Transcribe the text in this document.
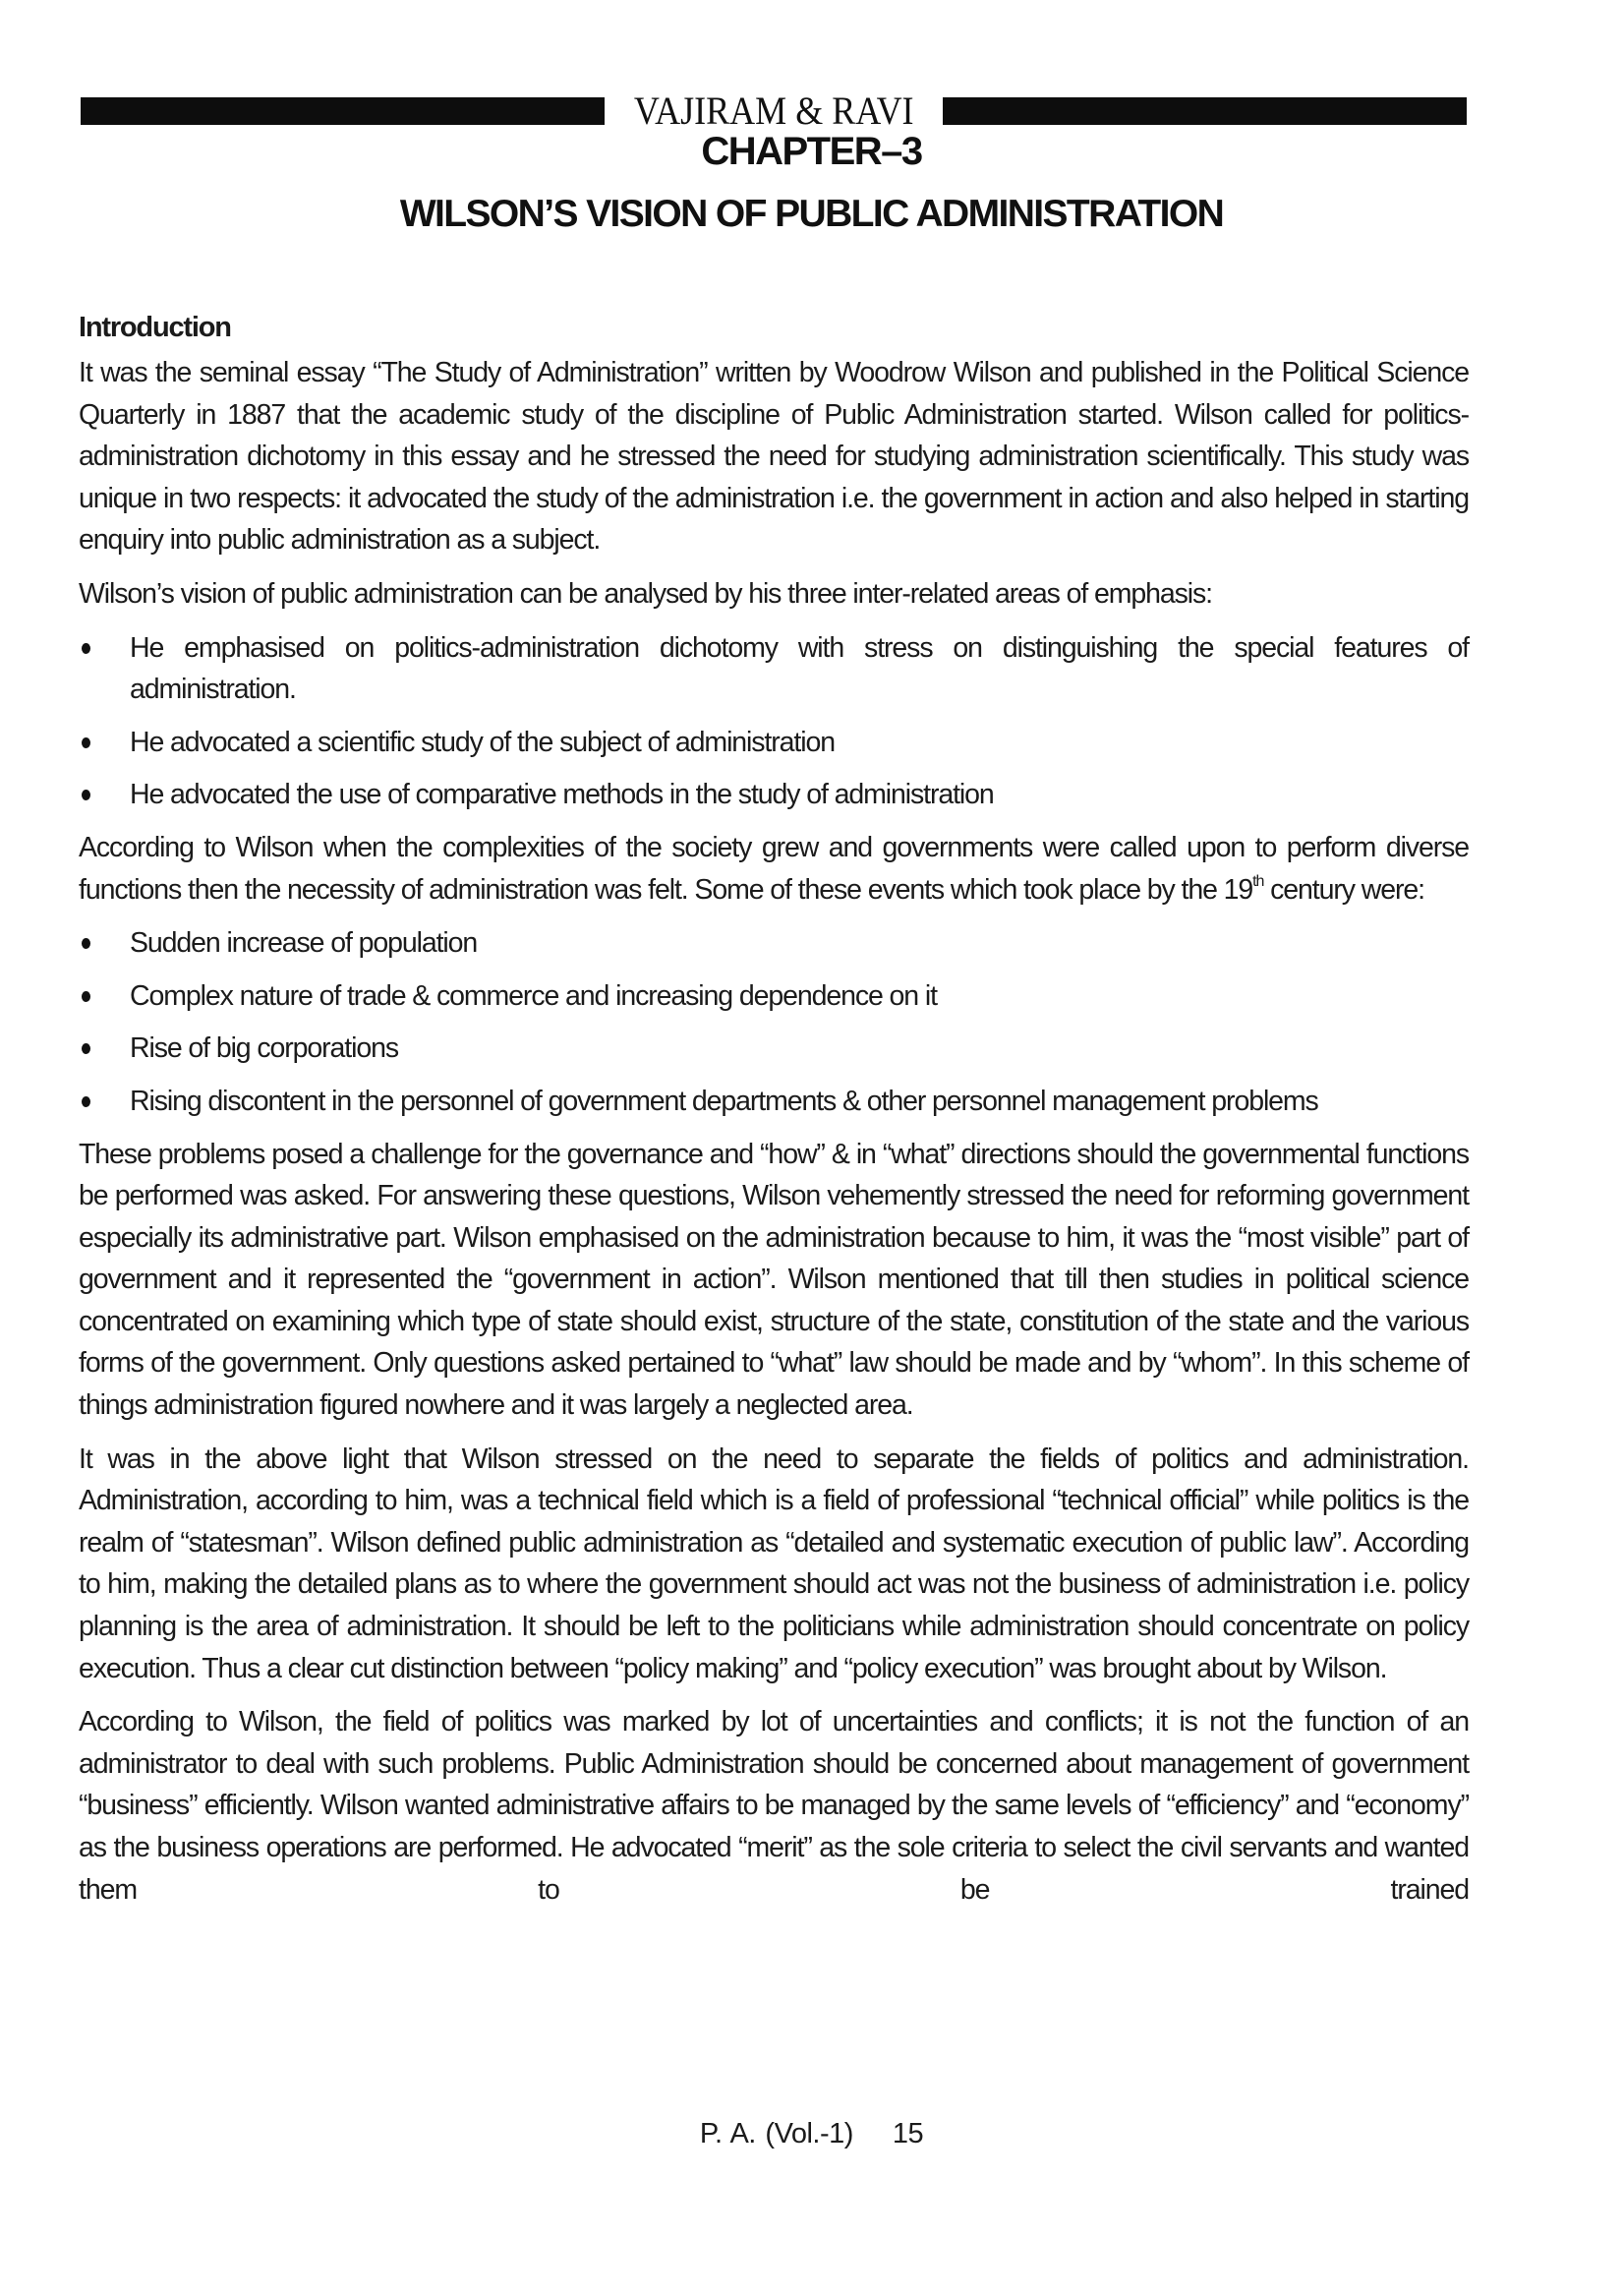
VAJIRAM & RAVI
CHAPTER–3
WILSON’S VISION OF PUBLIC ADMINISTRATION
Introduction

It was the seminal essay “The Study of Administration” written by Woodrow Wilson and published in the Political Science Quarterly in 1887 that the academic study of the discipline of Public Administration started. Wilson called for politics-administration dichotomy in this essay and he stressed the need for studying administration scientifically. This study was unique in two respects: it advocated the study of the administration i.e. the government in action and also helped in starting enquiry into public administration as a subject.

Wilson’s vision of public administration can be analysed by his three inter-related areas of emphasis:

He emphasised on politics-administration dichotomy with stress on distinguishing the special features of administration.
He advocated a scientific study of the subject of administration
He advocated the use of comparative methods in the study of administration

According to Wilson when the complexities of the society grew and governments were called upon to perform diverse functions then the necessity of administration was felt. Some of these events which took place by the 19th century were:

Sudden increase of population
Complex nature of trade & commerce and increasing dependence on it
Rise of big corporations
Rising discontent in the personnel of government departments & other personnel management problems

These problems posed a challenge for the governance and “how” & in “what” directions should the governmental functions be performed was asked. For answering these questions, Wilson vehemently stressed the need for reforming government especially its administrative part. Wilson emphasised on the administration because to him, it was the “most visible” part of government and it represented the “government in action”. Wilson mentioned that till then studies in political science concentrated on examining which type of state should exist, structure of the state, constitution of the state and the various forms of the government. Only questions asked pertained to “what” law should be made and by “whom”. In this scheme of things administration figured nowhere and it was largely a neglected area.

It was in the above light that Wilson stressed on the need to separate the fields of politics and administration. Administration, according to him, was a technical field which is a field of professional “technical official” while politics is the realm of “statesman”. Wilson defined public administration as “detailed and systematic execution of public law”. According to him, making the detailed plans as to where the government should act was not the business of administration i.e. policy planning is the area of administration. It should be left to the politicians while administration should concentrate on policy execution. Thus a clear cut distinction between “policy making” and “policy execution” was brought about by Wilson.

According to Wilson, the field of politics was marked by lot of uncertainties and conflicts; it is not the function of an administrator to deal with such problems. Public Administration should be concerned about management of government “business” efficiently. Wilson wanted administrative affairs to be managed by the same levels of “efficiency” and “economy” as the business operations are performed. He advocated “merit” as the sole criteria to select the civil servants and wanted them to be trained

P. A. (Vol.-1) 15
